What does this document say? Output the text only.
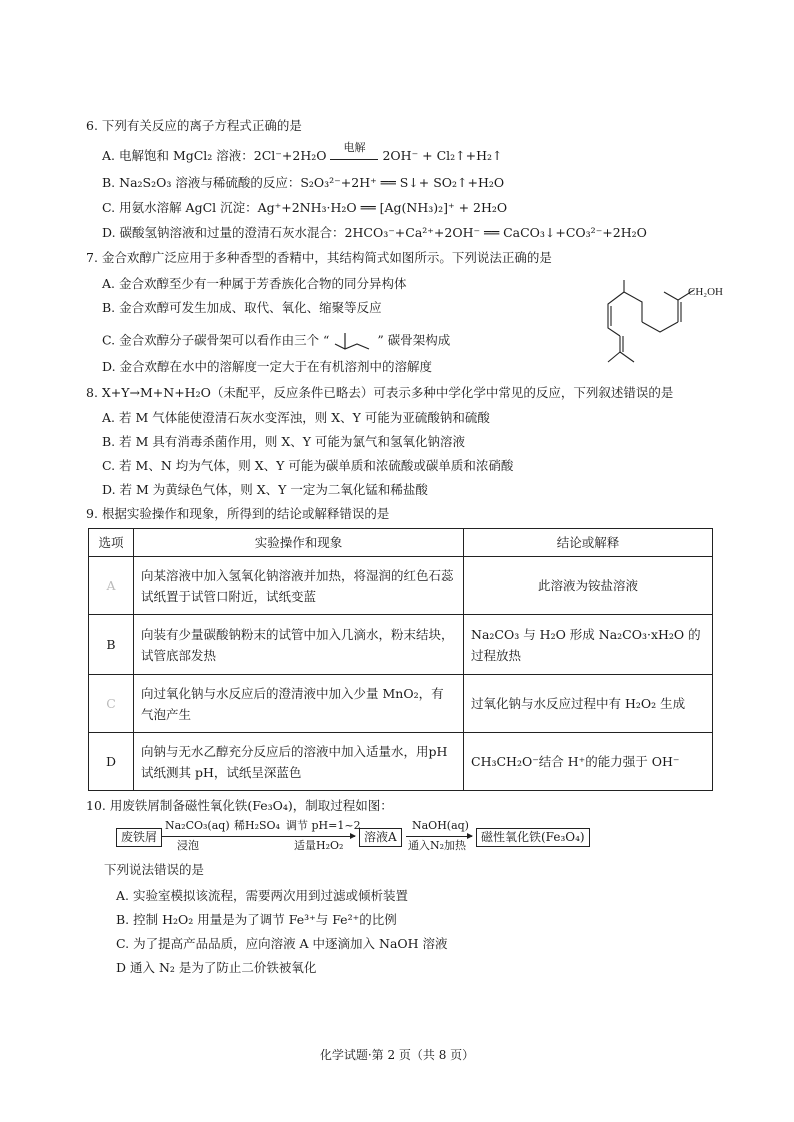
6. 下列有关反应的离子方程式正确的是
A. 电解饱和 MgCl₂ 溶液：2Cl⁻+2H₂O
电解
2OH⁻ + Cl₂↑+H₂↑
B. Na₂S₂O₃ 溶液与稀硫酸的反应：S₂O₃²⁻+2H⁺ ══ S↓+ SO₂↑+H₂O
C. 用氨水溶解 AgCl 沉淀：Ag⁺+2NH₃·H₂O ══ [Ag(NH₃)₂]⁺ + 2H₂O
D. 碳酸氢钠溶液和过量的澄清石灰水混合：2HCO₃⁻+Ca²⁺+2OH⁻ ══ CaCO₃↓+CO₃²⁻+2H₂O
7. 金合欢醇广泛应用于多种香型的香精中，其结构简式如图所示。下列说法正确的是
A. 金合欢醇至少有一种属于芳香族化合物的同分异构体
B. 金合欢醇可发生加成、取代、氧化、缩聚等反应
C. 金合欢醇分子碳骨架可以看作由三个 “	” 碳骨架构成
D. 金合欢醇在水中的溶解度一定大于在有机溶剂中的溶解度
CH₂OH
8. X+Y→M+N+H₂O（未配平，反应条件已略去）可表示多种中学化学中常见的反应，下列叙述错误的是
A. 若 M 气体能使澄清石灰水变浑浊，则 X、Y 可能为亚硫酸钠和硫酸
B. 若 M 具有消毒杀菌作用，则 X、Y 可能为氯气和氢氧化钠溶液
C. 若 M、N 均为气体，则 X、Y 可能为碳单质和浓硫酸或碳单质和浓硝酸
D. 若 M 为黄绿色气体，则 X、Y 一定为二氧化锰和稀盐酸
9. 根据实验操作和现象，所得到的结论或解释错误的是
选项	实验操作和现象	结论或解释
A	向某溶液中加入氢氧化钠溶液并加热，将湿润的红色石蕊试纸置于试管口附近，试纸变蓝	此溶液为铵盐溶液
B	向装有少量碳酸钠粉末的试管中加入几滴水，粉末结块，试管底部发热	Na₂CO₃ 与 H₂O 形成 Na₂CO₃·xH₂O 的过程放热
C	向过氧化钠与水反应后的澄清液中加入少量 MnO₂，有气泡产生	过氧化钠与水反应过程中有 H₂O₂ 生成
D	向钠与无水乙醇充分反应后的溶液中加入适量水，用pH试纸测其 pH，试纸呈深蓝色	CH₃CH₂O⁻结合 H⁺的能力强于 OH⁻
10. 用废铁屑制备磁性氧化铁(Fe₃O₄)，制取过程如图：
废铁屑
Na₂CO₃(aq)
浸泡
稀H₂SO₄ 调节 pH=1~2
适量H₂O₂
溶液A
NaOH(aq)
通入N₂加热
磁性氧化铁(Fe₃O₄)
下列说法错误的是
A. 实验室模拟该流程，需要两次用到过滤或倾析装置
B. 控制 H₂O₂ 用量是为了调节 Fe³⁺与 Fe²⁺的比例
C. 为了提高产品品质，应向溶液 A 中逐滴加入 NaOH 溶液
D 通入 N₂ 是为了防止二价铁被氧化
化学试题·第 2 页（共 8 页）
